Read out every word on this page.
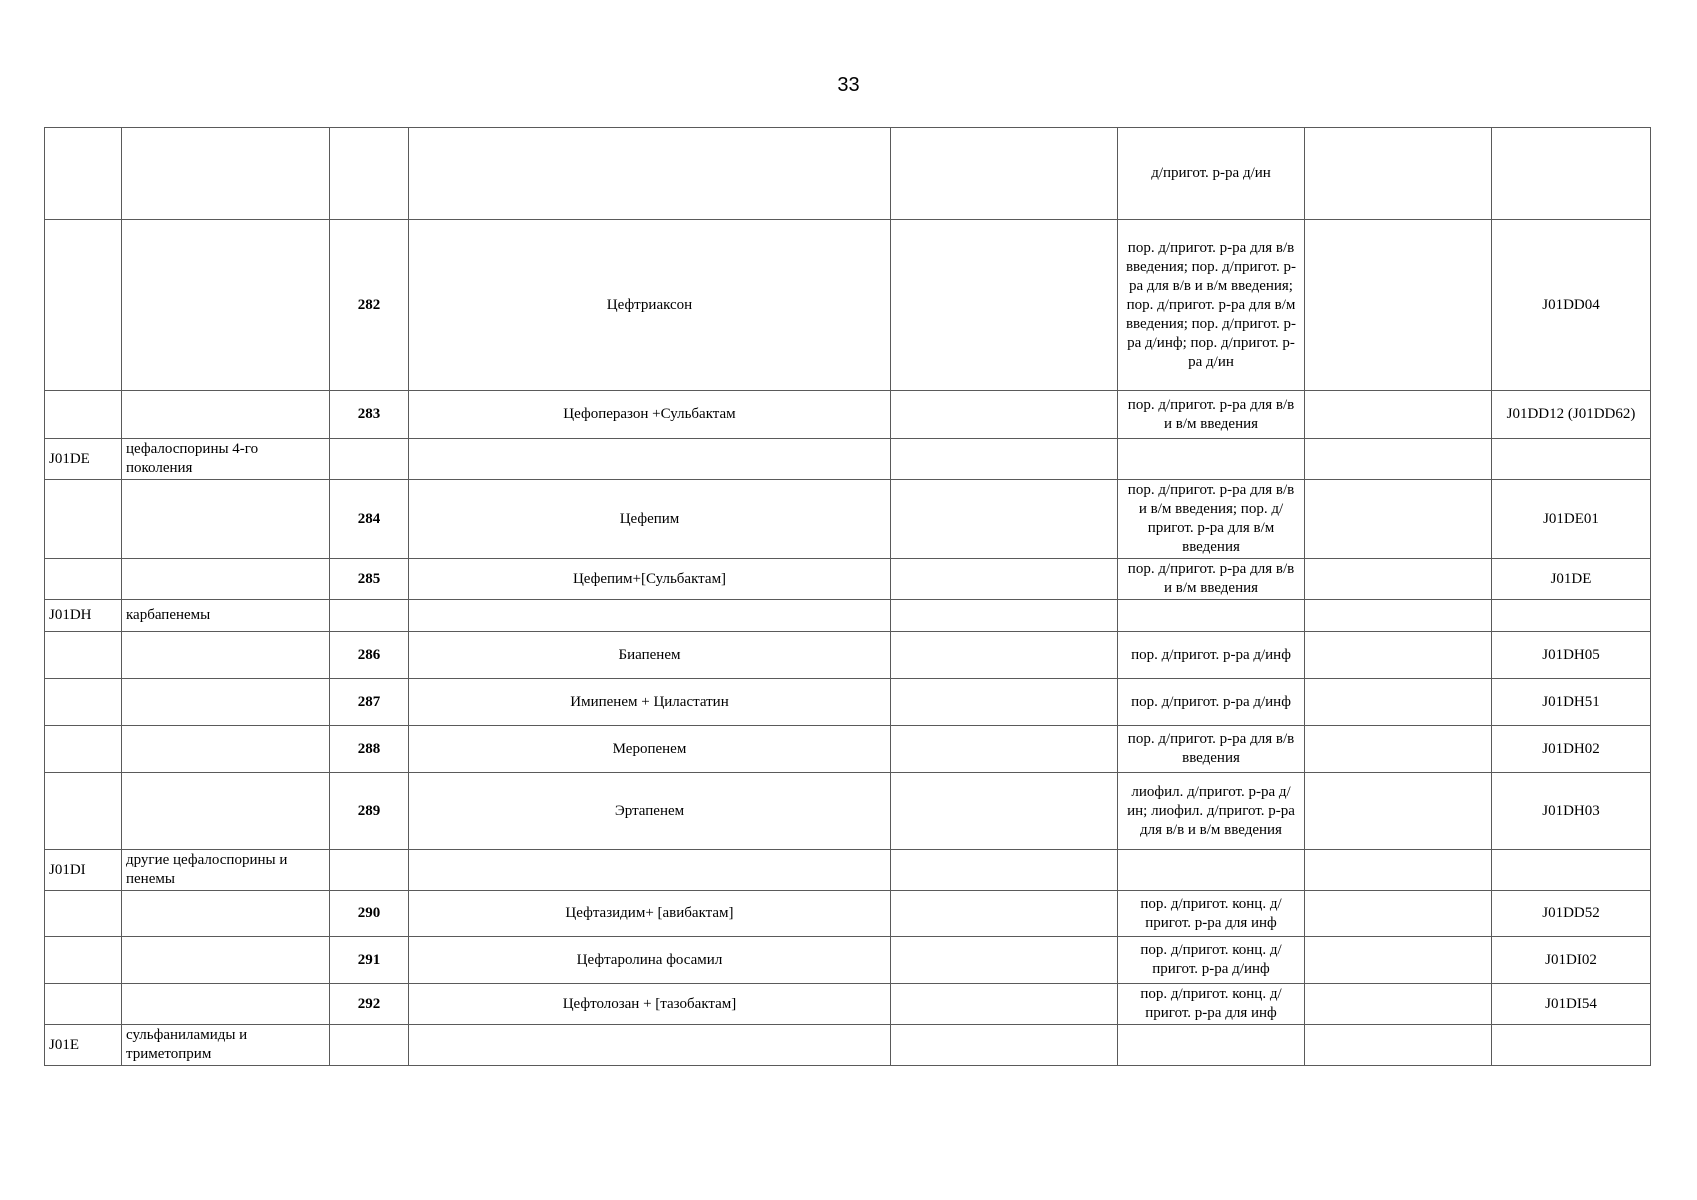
33
					д/пригот. р-ра д/ин		
		282	Цефтриаксон		пор. д/пригот. р-ра для в/в введения; пор. д/пригот. р-ра для в/в и в/м введения; пор. д/пригот. р-ра для в/м введения; пор. д/пригот. р-ра д/инф; пор. д/пригот. р-ра д/ин		J01DD04
		283	Цефоперазон +Сульбактам		пор. д/пригот. р-ра для в/в и в/м введения		J01DD12 (J01DD62)
J01DE	цефалоспорины 4-го поколения						
		284	Цефепим		пор. д/пригот. р-ра для в/в и в/м введения; пор. д/пригот. р-ра для в/м введения		J01DE01
		285	Цефепим+[Сульбактам]		пор. д/пригот. р-ра для в/в и в/м введения		J01DE
J01DH	карбапенемы						
		286	Биапенем		пор. д/пригот. р-ра д/инф		J01DH05
		287	Имипенем + Циластатин		пор. д/пригот. р-ра д/инф		J01DH51
		288	Меропенем		пор. д/пригот. р-ра для в/в введения		J01DH02
		289	Эртапенем		лиофил. д/пригот. р-ра д/ин; лиофил. д/пригот. р-ра для в/в и в/м введения		J01DH03
J01DI	другие цефалоспорины и пенемы						
		290	Цефтазидим+ [авибактам]		пор. д/пригот. конц. д/пригот. р-ра для инф		J01DD52
		291	Цефтаролина фосамил		пор. д/пригот. конц. д/пригот. р-ра д/инф		J01DI02
		292	Цефтолозан + [тазобактам]		пор. д/пригот. конц. д/пригот. р-ра для инф		J01DI54
J01E	сульфаниламиды и триметоприм						
